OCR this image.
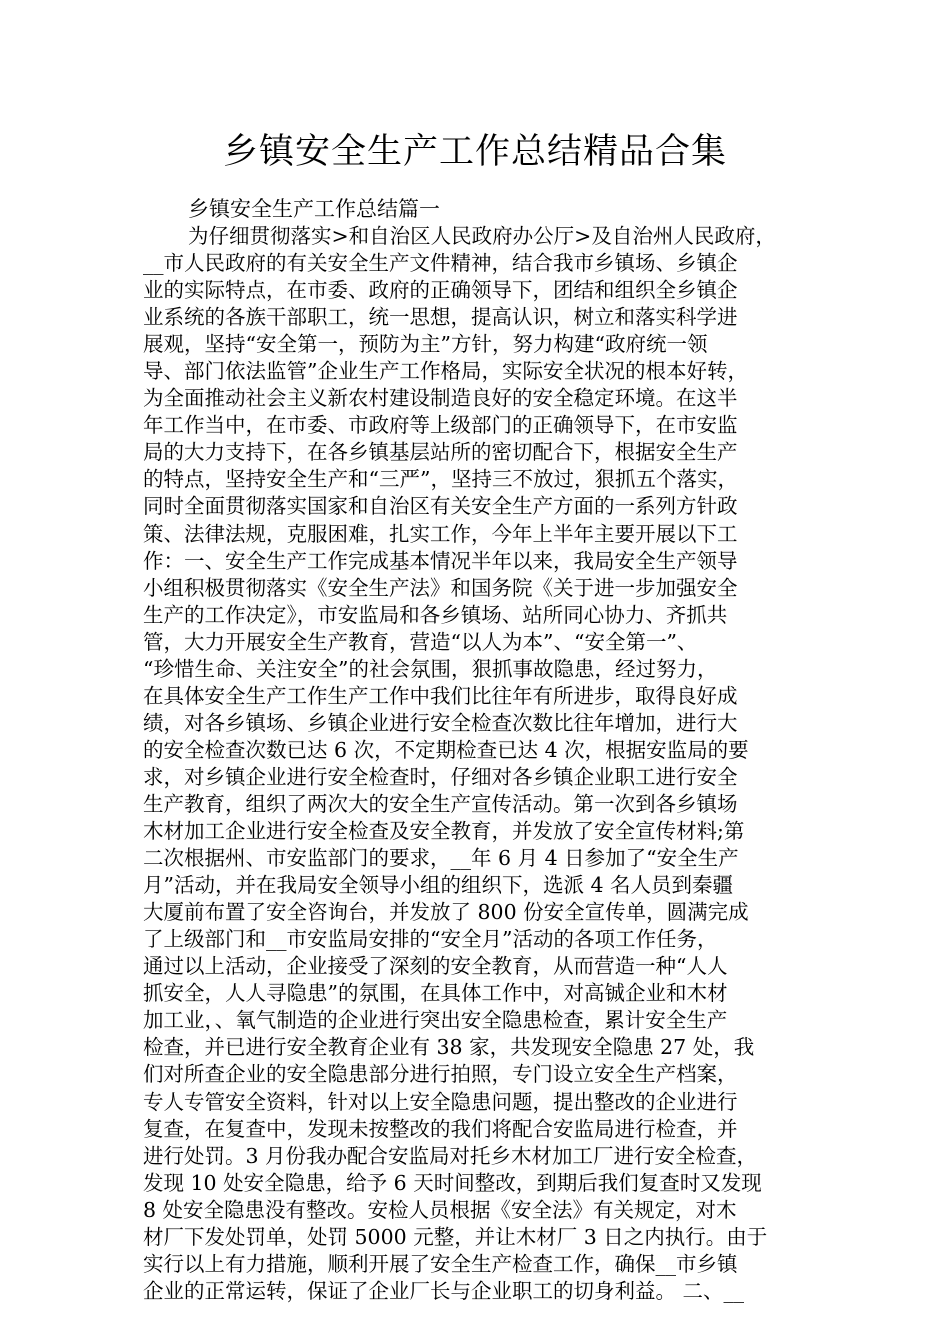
乡镇安全生产工作总结精品合集

乡镇安全生产工作总结篇一

为仔细贯彻落实>和自治区人民政府办公厅>及自治州人民政府，
__市人民政府的有关安全生产文件精神，结合我市乡镇场、乡镇企
业的实际特点，在市委、政府的正确领导下，团结和组织全乡镇企
业系统的各族干部职工，统一思想，提高认识，树立和落实科学进
展观，坚持“安全第一，预防为主”方针，努力构建“政府统一领
导、部门依法监管”企业生产工作格局，实际安全状况的根本好转，
为全面推动社会主义新农村建设制造良好的安全稳定环境。在这半
年工作当中，在市委、市政府等上级部门的正确领导下，在市安监
局的大力支持下，在各乡镇基层站所的密切配合下，根据安全生产
的特点，坚持安全生产和“三严”，坚持三不放过，狠抓五个落实，
同时全面贯彻落实国家和自治区有关安全生产方面的一系列方针政
策、法律法规，克服困难，扎实工作，今年上半年主要开展以下工
作：一、安全生产工作完成基本情况半年以来，我局安全生产领导
小组积极贯彻落实《安全生产法》和国务院《关于进一步加强安全
生产的工作决定》，市安监局和各乡镇场、站所同心协力、齐抓共
管，大力开展安全生产教育，营造“以人为本”、“安全第一”、
“珍惜生命、关注安全”的社会氛围，狠抓事故隐患，经过努力，
在具体安全生产工作生产工作中我们比往年有所进步，取得良好成
绩，对各乡镇场、乡镇企业进行安全检查次数比往年增加，进行大
的安全检查次数已达 6 次，不定期检查已达 4 次，根据安监局的要
求，对乡镇企业进行安全检查时，仔细对各乡镇企业职工进行安全
生产教育，组织了两次大的安全生产宣传活动。第一次到各乡镇场
木材加工企业进行安全检查及安全教育，并发放了安全宣传材料;第
二次根据州、市安监部门的要求，__年 6 月 4 日参加了“安全生产
月”活动，并在我局安全领导小组的组织下，选派 4 名人员到秦疆
大厦前布置了安全咨询台，并发放了 800 份安全宣传单，圆满完成
了上级部门和__市安监局安排的“安全月”活动的各项工作任务，
通过以上活动，企业接受了深刻的安全教育，从而营造一种“人人
抓安全，人人寻隐患”的氛围，在具体工作中，对高铖企业和木材
加工业，、氧气制造的企业进行突出安全隐患检查，累计安全生产
检查，并已进行安全教育企业有 38 家，共发现安全隐患 27 处，我
们对所查企业的安全隐患部分进行拍照，专门设立安全生产档案，
专人专管安全资料，针对以上安全隐患问题，提出整改的企业进行
复查，在复查中，发现未按整改的我们将配合安监局进行检查，并
进行处罚。3 月份我办配合安监局对托乡木材加工厂进行安全检查，
发现 10 处安全隐患，给予 6 天时间整改，到期后我们复查时又发现
8 处安全隐患没有整改。安检人员根据《安全法》有关规定，对木
材厂下发处罚单，处罚 5000 元整，并让木材厂 3 日之内执行。由于
实行以上有力措施，顺利开展了安全生产检查工作，确保__市乡镇
企业的正常运转，保证了企业厂长与企业职工的切身利益。 二、__
